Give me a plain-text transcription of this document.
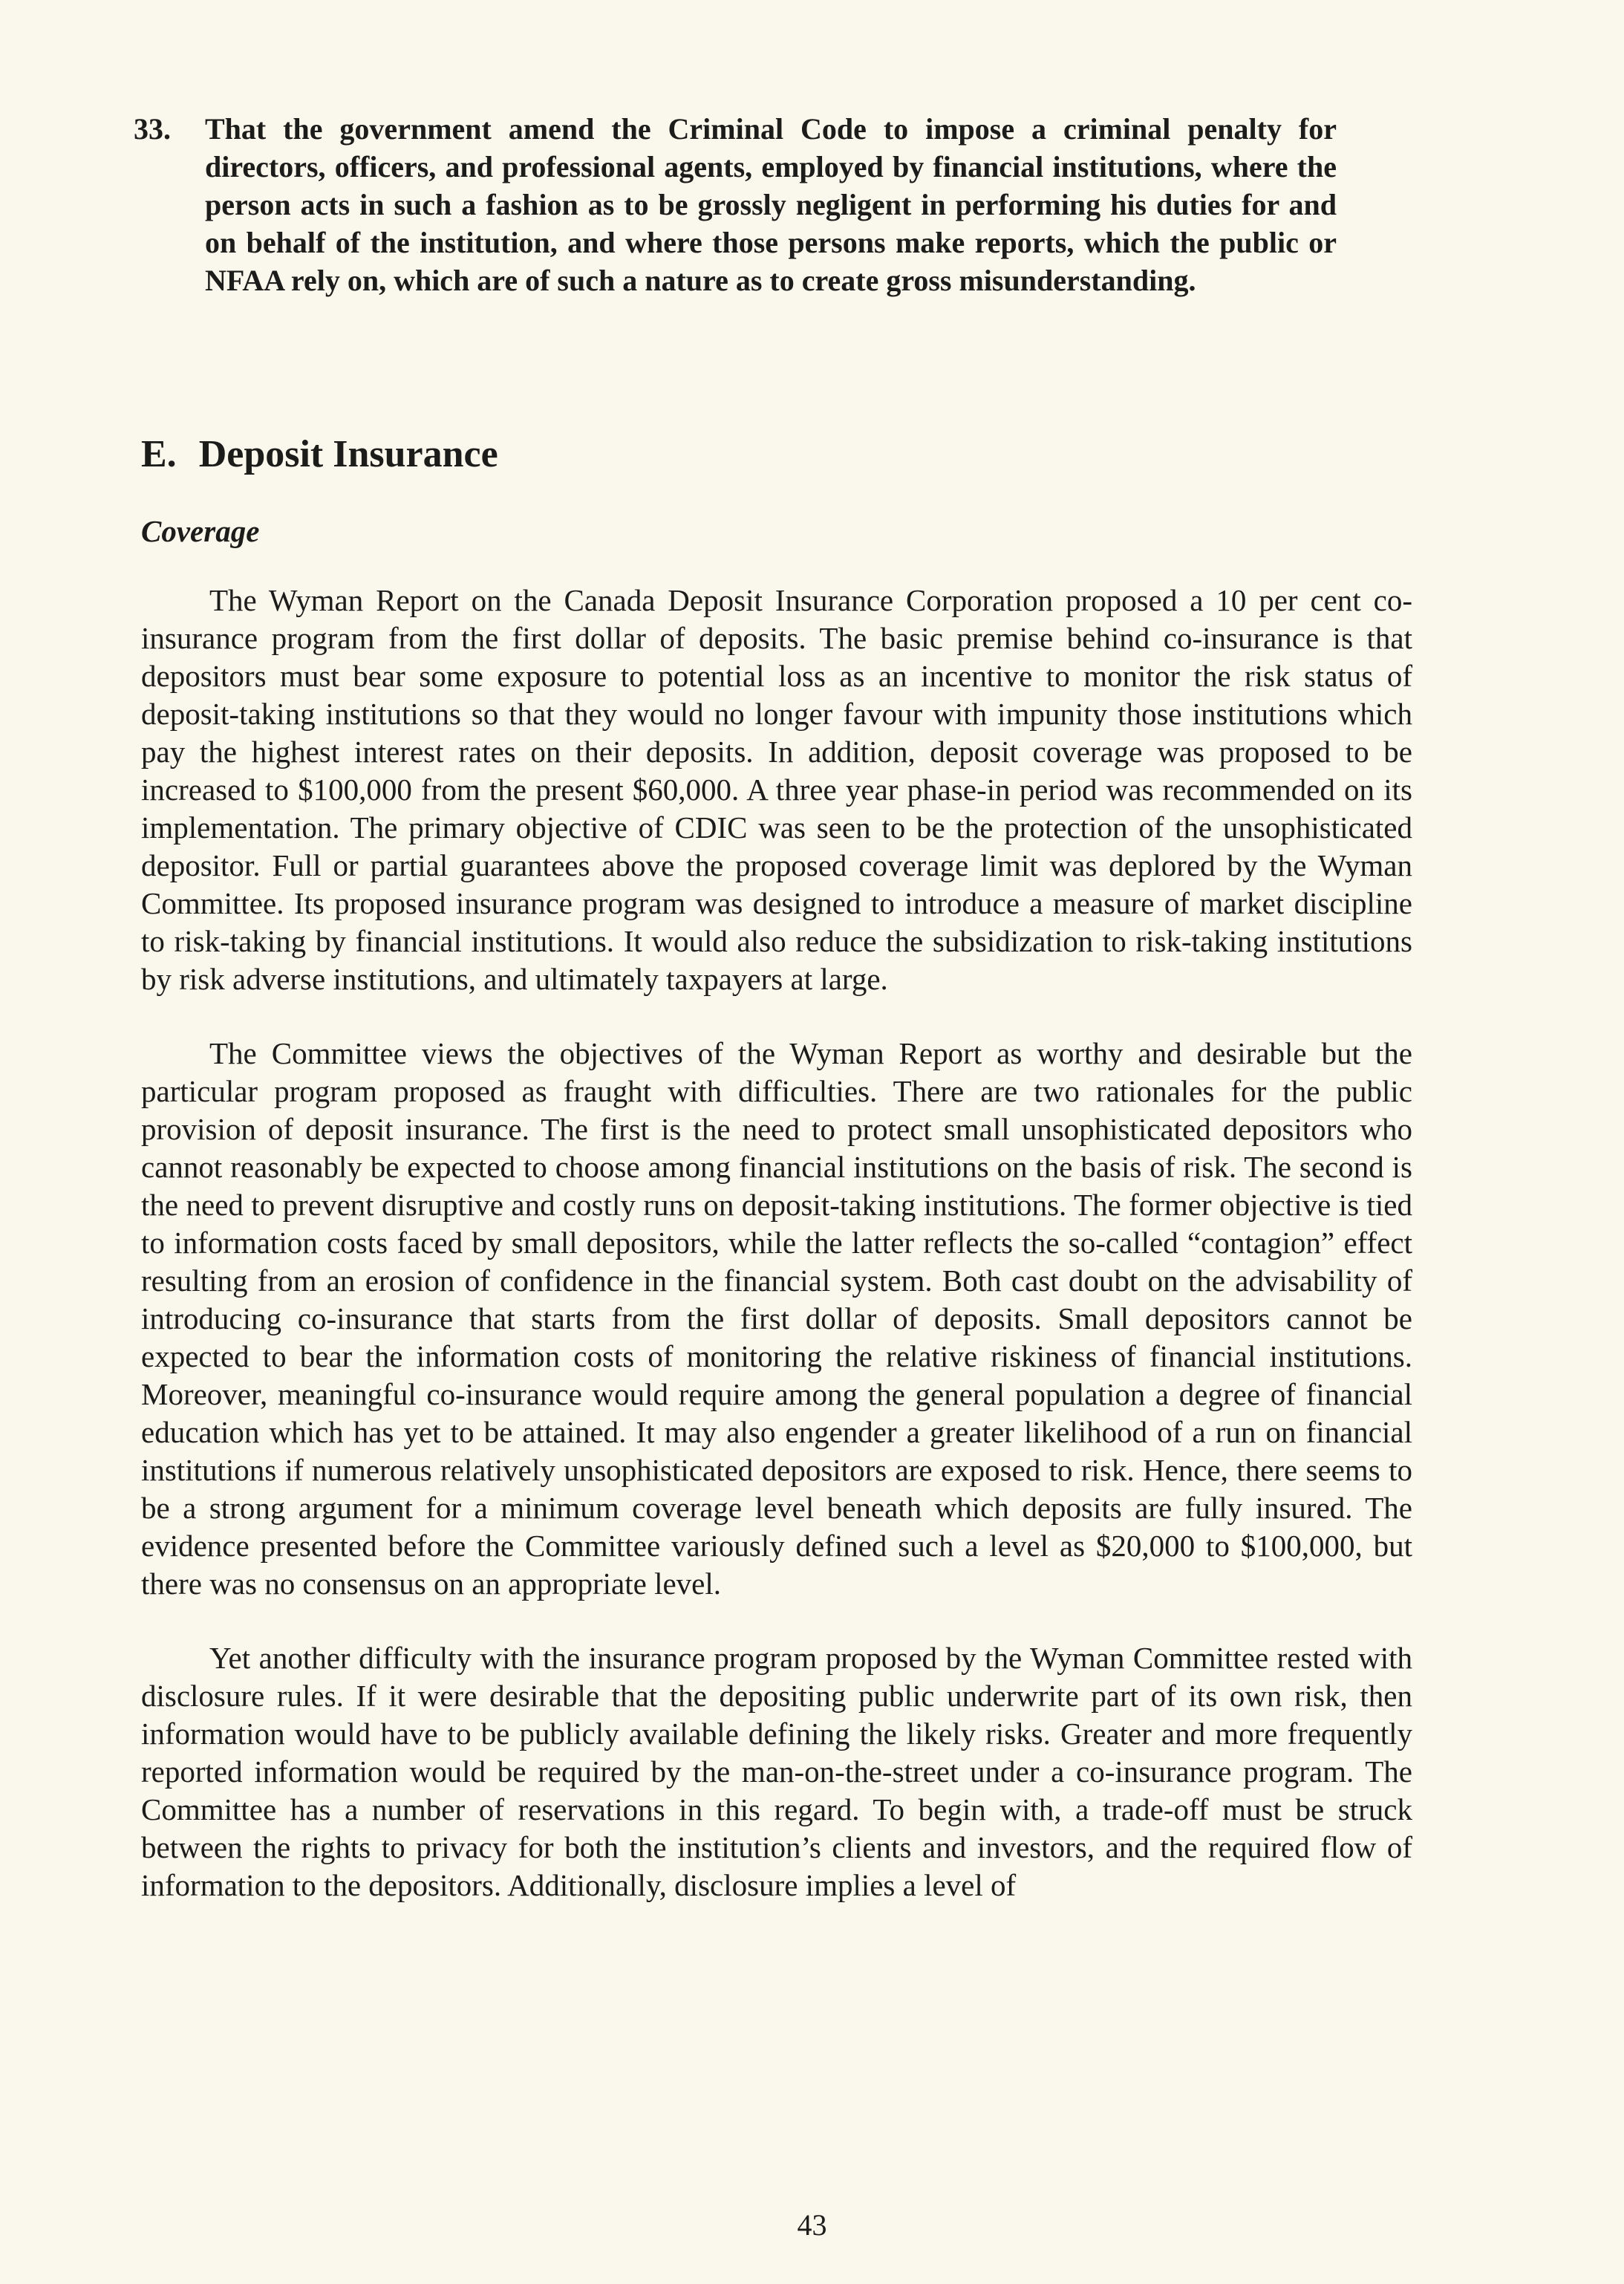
33. That the government amend the Criminal Code to impose a criminal penalty for directors, officers, and professional agents, employed by financial institutions, where the person acts in such a fashion as to be grossly negligent in performing his duties for and on behalf of the institution, and where those persons make reports, which the public or NFAA rely on, which are of such a nature as to create gross misunderstanding.
E. Deposit Insurance
Coverage

The Wyman Report on the Canada Deposit Insurance Corporation proposed a 10 per cent co-insurance program from the first dollar of deposits. The basic premise behind co-insurance is that depositors must bear some exposure to potential loss as an incentive to monitor the risk status of deposit-taking institutions so that they would no longer favour with impunity those institutions which pay the highest interest rates on their deposits. In addition, deposit coverage was proposed to be increased to $100,000 from the present $60,000. A three year phase-in period was recommended on its implementation. The primary objective of CDIC was seen to be the protection of the unsophisticated depositor. Full or partial guarantees above the proposed coverage limit was deplored by the Wyman Committee. Its proposed insurance program was designed to introduce a measure of market discipline to risk-taking by financial institutions. It would also reduce the subsidization to risk-taking institutions by risk adverse institutions, and ultimately taxpayers at large.

The Committee views the objectives of the Wyman Report as worthy and desirable but the particular program proposed as fraught with difficulties. There are two rationales for the public provision of deposit insurance. The first is the need to protect small unsophisticated depositors who cannot reasonably be expected to choose among financial institutions on the basis of risk. The second is the need to prevent disruptive and costly runs on deposit-taking institutions. The former objective is tied to information costs faced by small depositors, while the latter reflects the so-called “contagion” effect resulting from an erosion of confidence in the financial system. Both cast doubt on the advisability of introducing co-insurance that starts from the first dollar of deposits. Small depositors cannot be expected to bear the information costs of monitoring the relative riskiness of financial institutions. Moreover, meaningful co-insurance would require among the general population a degree of financial education which has yet to be attained. It may also engender a greater likelihood of a run on financial institutions if numerous relatively unsophisticated depositors are exposed to risk. Hence, there seems to be a strong argument for a minimum coverage level beneath which deposits are fully insured. The evidence presented before the Committee variously defined such a level as $20,000 to $100,000, but there was no consensus on an appropriate level.

Yet another difficulty with the insurance program proposed by the Wyman Committee rested with disclosure rules. If it were desirable that the depositing public underwrite part of its own risk, then information would have to be publicly available defining the likely risks. Greater and more frequently reported information would be required by the man-on-the-street under a co-insurance program. The Committee has a number of reservations in this regard. To begin with, a trade-off must be struck between the rights to privacy for both the institution’s clients and investors, and the required flow of information to the depositors. Additionally, disclosure implies a level of

43
